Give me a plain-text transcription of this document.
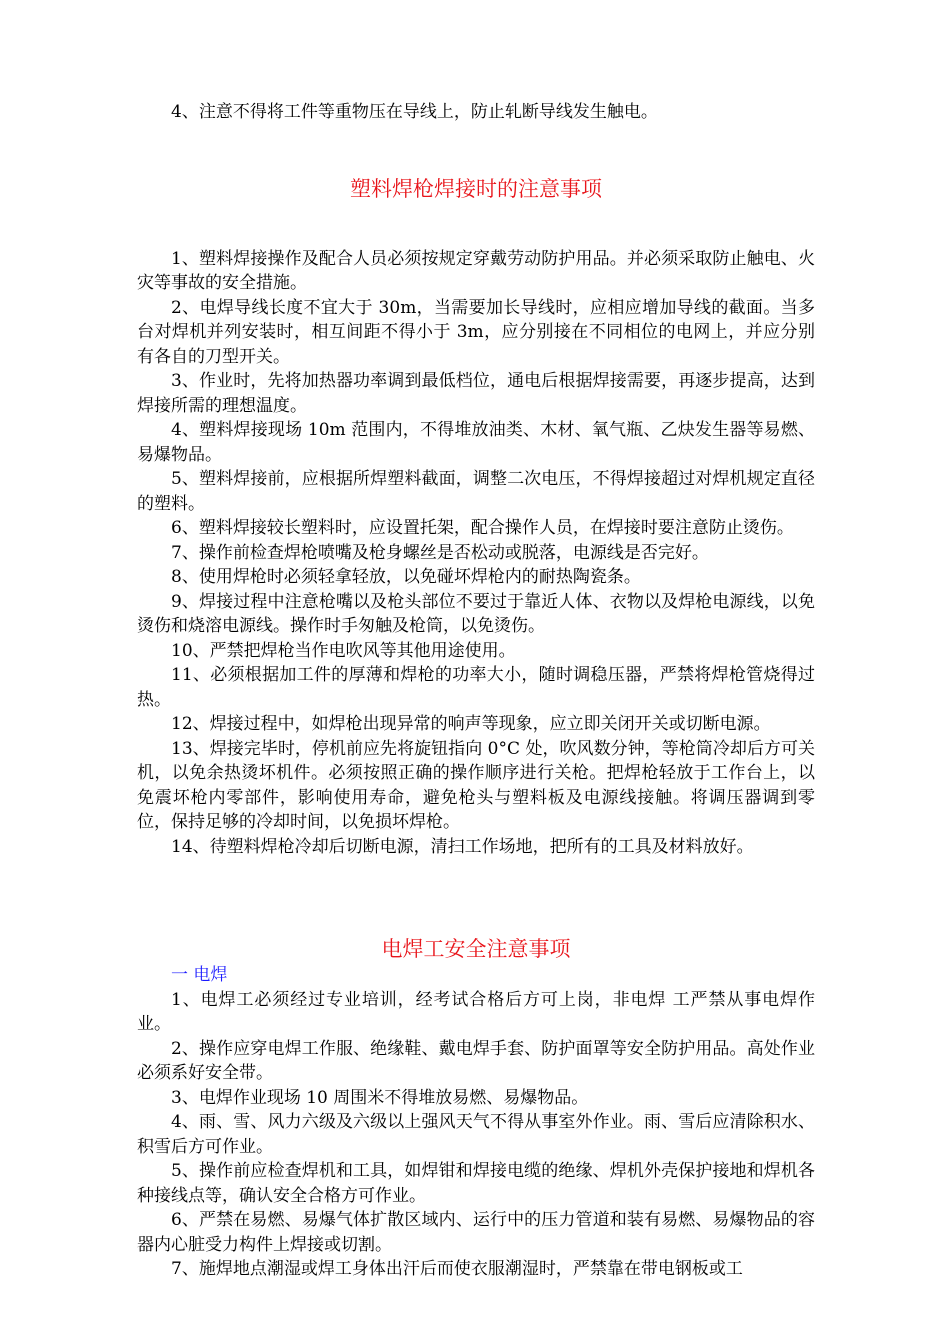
4、注意不得将工件等重物压在导线上，防止轧断导线发生触电。

塑料焊枪焊接时的注意事项

1、塑料焊接操作及配合人员必须按规定穿戴劳动防护用品。并必须采取防止触电、火灾等事故的安全措施。

2、电焊导线长度不宜大于 30m，当需要加长导线时，应相应增加导线的截面。当多台对焊机并列安装时，相互间距不得小于 3m，应分别接在不同相位的电网上，并应分别有各自的刀型开关。

3、作业时，先将加热器功率调到最低档位，通电后根据焊接需要，再逐步提高，达到焊接所需的理想温度。

4、塑料焊接现场 10m 范围内，不得堆放油类、木材、氧气瓶、乙炔发生器等易燃、易爆物品。

5、塑料焊接前，应根据所焊塑料截面，调整二次电压，不得焊接超过对焊机规定直径的塑料。

6、塑料焊接较长塑料时，应设置托架，配合操作人员，在焊接时要注意防止烫伤。

7、操作前检查焊枪喷嘴及枪身螺丝是否松动或脱落，电源线是否完好。

8、使用焊枪时必须轻拿轻放，以免碰坏焊枪内的耐热陶瓷条。

9、焊接过程中注意枪嘴以及枪头部位不要过于靠近人体、衣物以及焊枪电源线，以免烫伤和烧溶电源线。操作时手匆触及枪筒，以免烫伤。

10、严禁把焊枪当作电吹风等其他用途使用。

11、必须根据加工件的厚薄和焊枪的功率大小，随时调稳压器，严禁将焊枪管烧得过热。

12、焊接过程中，如焊枪出现异常的响声等现象，应立即关闭开关或切断电源。

13、焊接完毕时，停机前应先将旋钮指向 0°C 处，吹风数分钟，等枪筒冷却后方可关机，以免余热烫坏机件。必须按照正确的操作顺序进行关枪。把焊枪轻放于工作台上，以免震坏枪内零部件，影响使用寿命，避免枪头与塑料板及电源线接触。将调压器调到零位，保持足够的冷却时间，以免损坏焊枪。

14、待塑料焊枪冷却后切断电源，清扫工作场地，把所有的工具及材料放好。

电焊工安全注意事项

一 电焊

1、电焊工必须经过专业培训，经考试合格后方可上岗，非电焊 工严禁从事电焊作业。

2、操作应穿电焊工作服、绝缘鞋、戴电焊手套、防护面罩等安全防护用品。高处作业必须系好安全带。

3、电焊作业现场 10 周围米不得堆放易燃、易爆物品。

4、雨、雪、风力六级及六级以上强风天气不得从事室外作业。雨、雪后应清除积水、积雪后方可作业。

5、操作前应检查焊机和工具，如焊钳和焊接电缆的绝缘、焊机外壳保护接地和焊机各种接线点等，确认安全合格方可作业。

6、严禁在易燃、易爆气体扩散区域内、运行中的压力管道和装有易燃、易爆物品的容器内心脏受力构件上焊接或切割。

7、施焊地点潮湿或焊工身体出汗后而使衣服潮湿时，严禁靠在带电钢板或工
